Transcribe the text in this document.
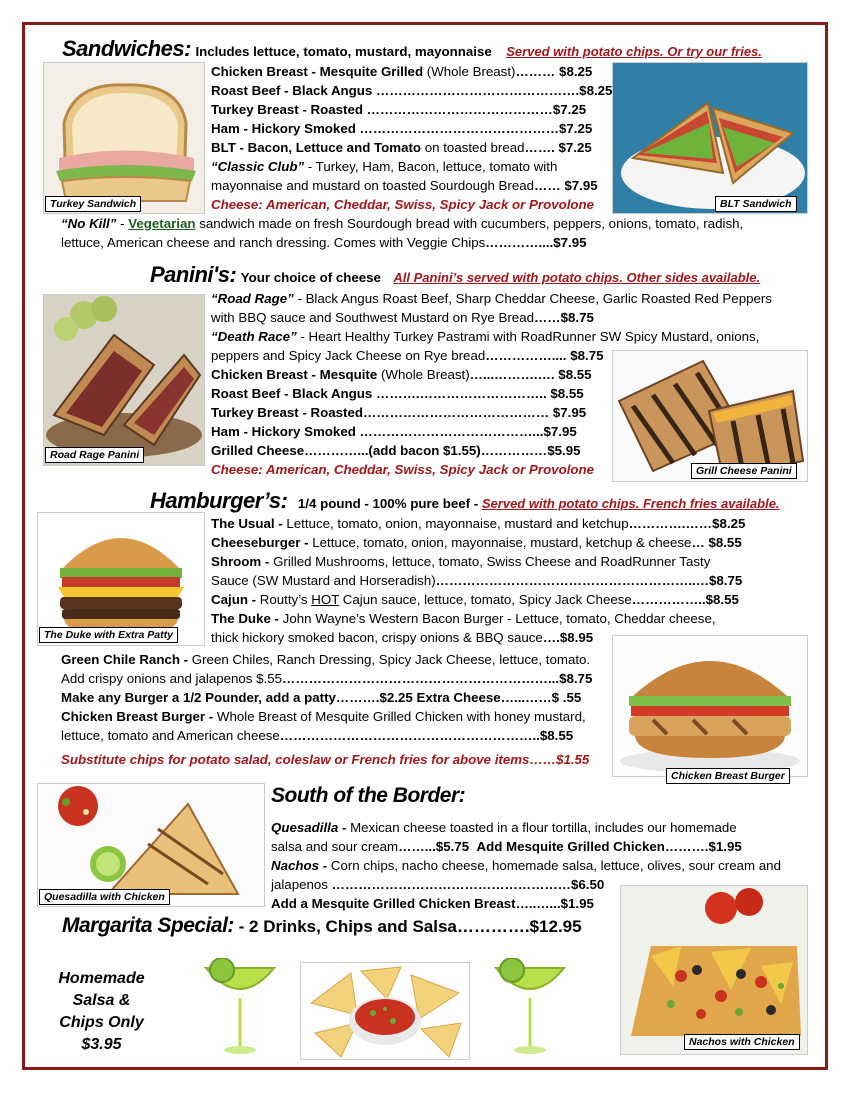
Sandwiches: Includes lettuce, tomato, mustard, mayonnaise Served with potato chips. Or try our fries.
Turkey Sandwich
Chicken Breast - Mesquite Grilled (Whole Breast)……… $8.25
Roast Beef - Black Angus ……………………………………….$8.25
Turkey Breast - Roasted ……………………………………$7.25
Ham - Hickory Smoked ………………………………………$7.25
BLT - Bacon, Lettuce and Tomato on toasted bread……. $7.25
“Classic Club” - Turkey, Ham, Bacon, lettuce, tomato with
mayonnaise and mustard on toasted Sourdough Bread…… $7.95
Cheese: American, Cheddar, Swiss, Spicy Jack or Provolone	BLT Sandwich
“No Kill” - Vegetarian sandwich made on fresh Sourdough bread with cucumbers, peppers, onions, tomato, radish,
lettuce, American cheese and ranch dressing. Comes with Veggie Chips…………....$7.95
Panini's: Your choice of cheese All Panini’s served with potato chips. Other sides available.
Road Rage Panini
“Road Rage” - Black Angus Roast Beef, Sharp Cheddar Cheese, Garlic Roasted Red Peppers
with BBQ sauce and Southwest Mustard on Rye Bread……$8.75
“Death Race” - Heart Healthy Turkey Pastrami with RoadRunner SW Spicy Mustard, onions,
peppers and Spicy Jack Cheese on Rye bread…………….... $8.75
Chicken Breast - Mesquite (Whole Breast)…...……….…. $8.55
Roast Beef - Black Angus ……….……………………….. $8.55
Turkey Breast - Roasted…………………………………… $7.95
Ham - Hickory Smoked …………………………………...$7.95
Grilled Cheese…………...(add bacon $1.55)……………$5.95
Cheese: American, Cheddar, Swiss, Spicy Jack or Provolone	Grill Cheese Panini
Hamburger’s: 1/4 pound - 100% pure beef - Served with potato chips. French fries available.
The Duke with Extra Patty
The Usual - Lettuce, tomato, onion, mayonnaise, mustard and ketchup………….……$8.25
Cheeseburger - Lettuce, tomato, onion, mayonnaise, mustard, ketchup & cheese… $8.55
Shroom - Grilled Mushrooms, lettuce, tomato, Swiss Cheese and RoadRunner Tasty
Sauce (SW Mustard and Horseradish)…………………………………………………..…$8.75
Cajun - Routty’s HOT Cajun sauce, lettuce, tomato, Spicy Jack Cheese……………..$8.55
The Duke - John Wayne’s Western Bacon Burger - Lettuce, tomato, Cheddar cheese,
thick hickory smoked bacon, crispy onions & BBQ sauce….$8.95
Green Chile Ranch - Green Chiles, Ranch Dressing, Spicy Jack Cheese, lettuce, tomato.
Add crispy onions and jalapenos $.55……………………………………………………...$8.75
Make any Burger a 1/2 Pounder, add a patty……….$2.25 Extra Cheese…...……$ .55
Chicken Breast Burger - Whole Breast of Mesquite Grilled Chicken with honey mustard,
lettuce, tomato and American cheese…………………………………………………..$8.55
Substitute chips for potato salad, coleslaw or French fries for above items……$1.55
Chicken Breast Burger
Quesadilla with Chicken
South of the Border:
Quesadilla - Mexican cheese toasted in a flour tortilla, includes our homemade
salsa and sour cream……...$5.75 Add Mesquite Grilled Chicken……….$1.95
Nachos - Corn chips, nacho cheese, homemade salsa, lettuce, olives, sour cream and
jalapenos ………………………………………………$6.50
Add a Mesquite Grilled Chicken Breast…..…...$1.95
Nachos with Chicken
Margarita Special: - 2 Drinks, Chips and Salsa………….$12.95
Homemade
Salsa &
Chips Only
$3.95
